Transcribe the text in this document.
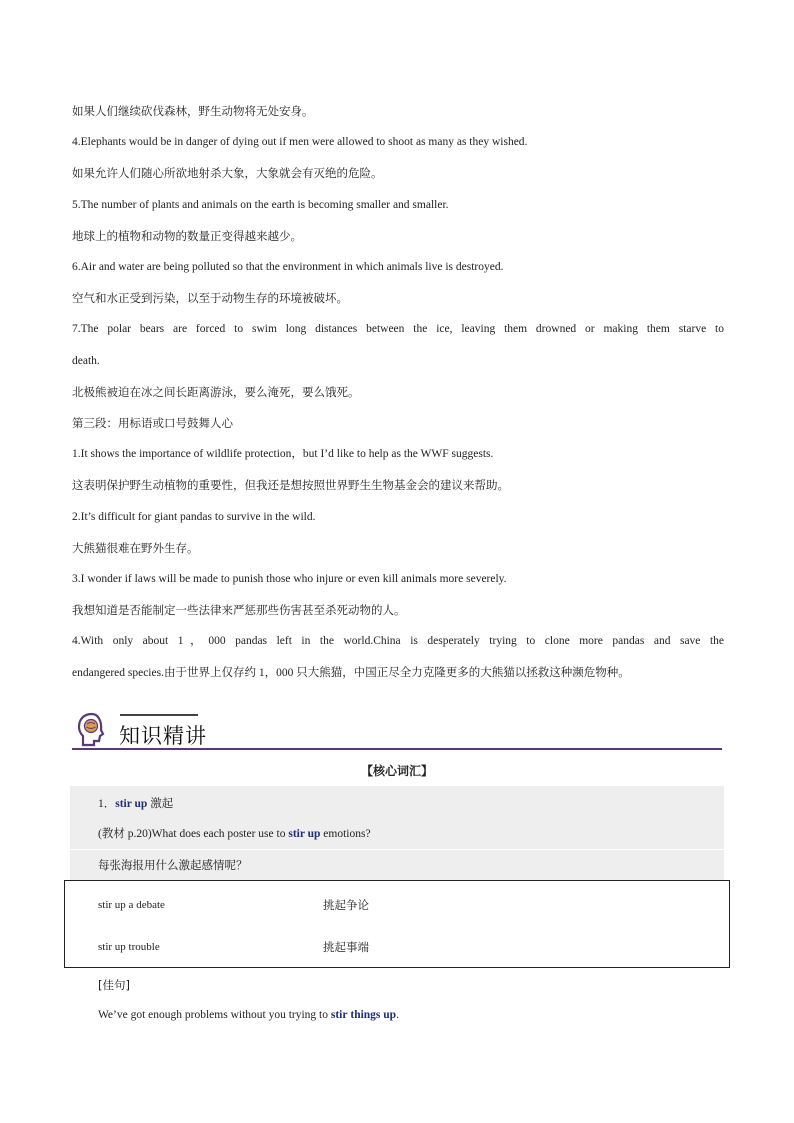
如果人们继续砍伐森林，野生动物将无处安身。
4.Elephants would be in danger of dying out if men were allowed to shoot as many as they wished.
如果允许人们随心所欲地射杀大象，大象就会有灭绝的危险。
5.The number of plants and animals on the earth is becoming smaller and smaller.
地球上的植物和动物的数量正变得越来越少。
6.Air and water are being polluted so that the environment in which animals live is destroyed.
空气和水正受到污染，以至于动物生存的环境被破坏。
7.The polar bears are forced to swim long distances between the ice, leaving them drowned or making them starve to
death.
北极熊被迫在冰之间长距离游泳，要么淹死，要么饿死。
第三段：用标语或口号鼓舞人心
1.It shows the importance of wildlife protection，but I’d like to help as the WWF suggests.
这表明保护野生动植物的重要性，但我还是想按照世界野生生物基金会的建议来帮助。
2.It’s difficult for giant pandas to survive in the wild.
大熊猫很难在野外生存。
3.I wonder if laws will be made to punish those who injure or even kill animals more severely.
我想知道是否能制定一些法律来严惩那些伤害甚至杀死动物的人。
4.With only about 1，000 pandas left in the world.China is desperately trying to clone more pandas and save the
endangered species.由于世界上仅存约 1，000 只大熊猫，中国正尽全力克隆更多的大熊猫以拯救这种濒危物种。
知识精讲
【核心词汇】
1．stir up 激起
(教材 p.20)What does each poster use to stir up emotions?
每张海报用什么激起感情呢？
stir up a debate	挑起争论
stir up trouble	挑起事端
[佳句]
We’ve got enough problems without you trying to stir things up.
